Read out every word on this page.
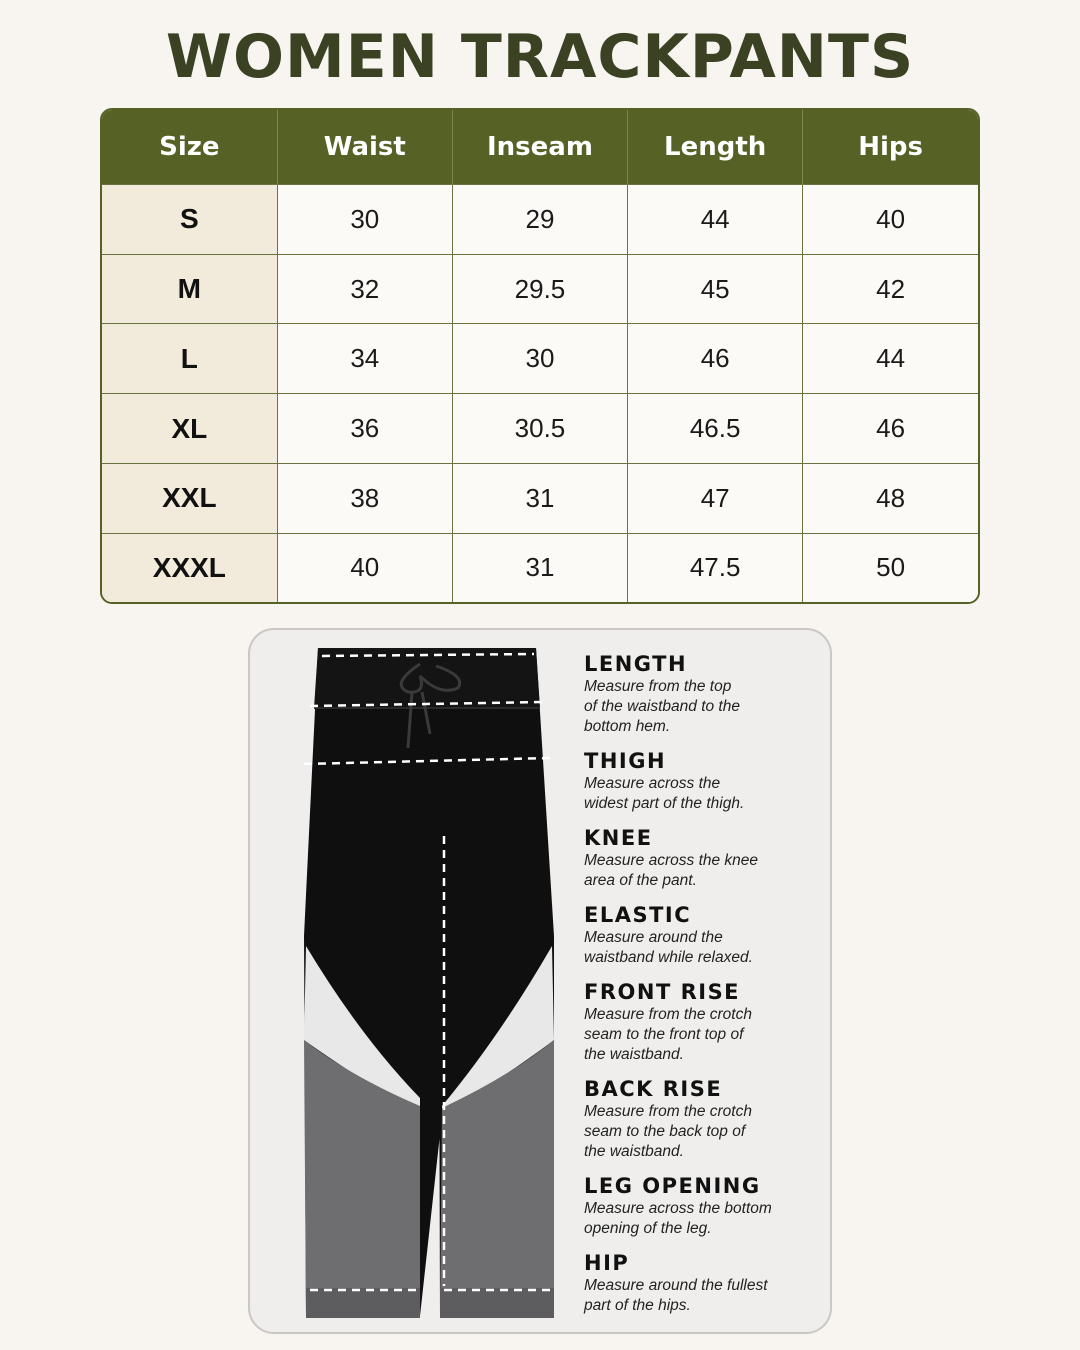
WOMEN TRACKPANTS
Size	Waist	Inseam	Length	Hips
S	30	29	44	40
M	32	29.5	45	42
L	34	30	46	44
XL	36	30.5	46.5	46
XXL	38	31	47	48
XXXL	40	31	47.5	50
LENGTH
Measure from the top
of the waistband to the
bottom hem.
THIGH
Measure across the
widest part of the thigh.
KNEE
Measure across the knee
area of the pant.
ELASTIC
Measure around the
waistband while relaxed.
FRONT RISE
Measure from the crotch
seam to the front top of
the waistband.
BACK RISE
Measure from the crotch
seam to the back top of
the waistband.
LEG OPENING
Measure across the bottom
opening of the leg.
HIP
Measure around the fullest
part of the hips.
